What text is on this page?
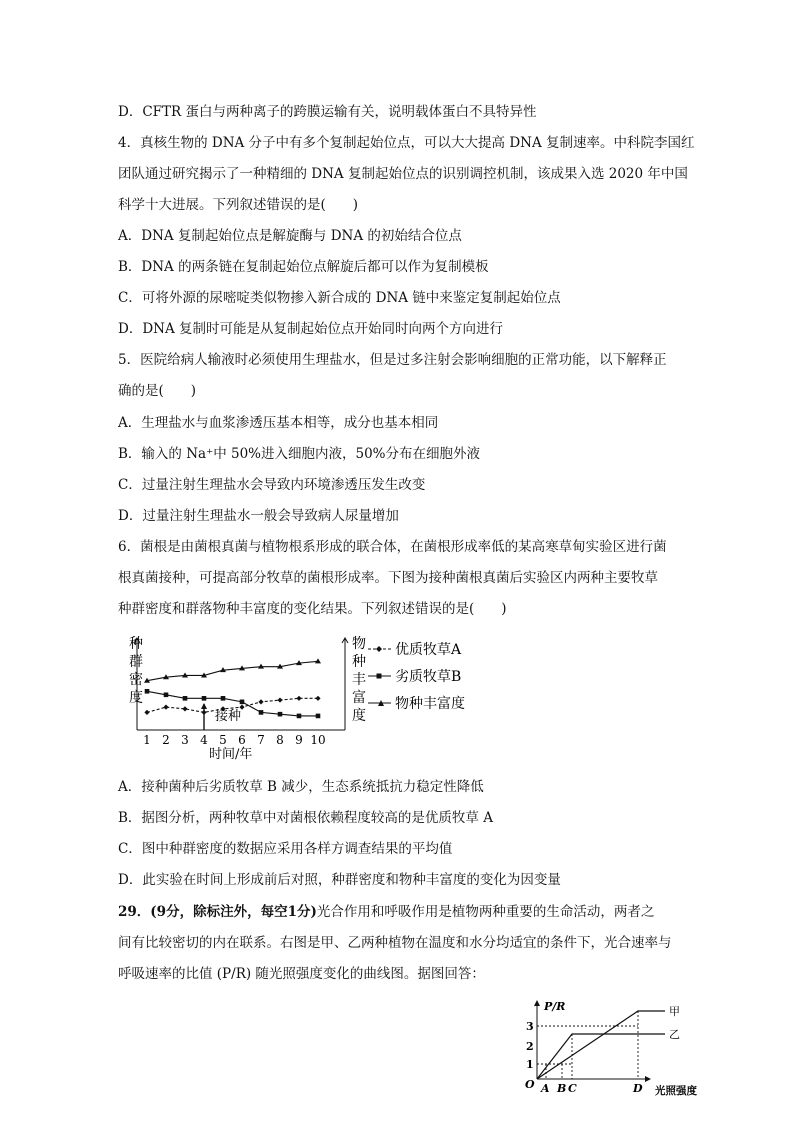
D．CFTR 蛋白与两种离子的跨膜运输有关，说明载体蛋白不具特异性
4．真核生物的 DNA 分子中有多个复制起始位点，可以大大提高 DNA 复制速率。中科院李国红
团队通过研究揭示了一种精细的 DNA 复制起始位点的识别调控机制，该成果入选 2020 年中国
科学十大进展。下列叙述错误的是(　　)
A．DNA 复制起始位点是解旋酶与 DNA 的初始结合位点
B．DNA 的两条链在复制起始位点解旋后都可以作为复制模板
C．可将外源的尿嘧啶类似物掺入新合成的 DNA 链中来鉴定复制起始位点
D．DNA 复制时可能是从复制起始位点开始同时向两个方向进行
5．医院给病人输液时必须使用生理盐水，但是过多注射会影响细胞的正常功能，以下解释正
确的是(　　)
A．生理盐水与血浆渗透压基本相等，成分也基本相同
B．输入的 Na⁺中 50%进入细胞内液，50%分布在细胞外液
C．过量注射生理盐水会导致内环境渗透压发生改变
D．过量注射生理盐水一般会导致病人尿量增加
6．菌根是由菌根真菌与植物根系形成的联合体，在菌根形成率低的某高寒草甸实验区进行菌
根真菌接种，可提高部分牧草的菌根形成率。下图为接种菌根真菌后实验区内两种主要牧草
种群密度和群落物种丰富度的变化结果。下列叙述错误的是(　　)
1 2 3 4 5 6 7 8 9 10
种
群
密
度
物
种
丰
富
度
时间/年
接种
优质牧草A
劣质牧草B
物种丰富度
A．接种菌种后劣质牧草 B 减少，生态系统抵抗力稳定性降低
B．据图分析，两种牧草中对菌根依赖程度较高的是优质牧草 A
C．图中种群密度的数据应采用各样方调查结果的平均值
D．此实验在时间上形成前后对照，种群密度和物种丰富度的变化为因变量
29．(9分，除标注外，每空1分)光合作用和呼吸作用是植物两种重要的生命活动，两者之
间有比较密切的内在联系。右图是甲、乙两种植物在温度和水分均适宜的条件下，光合速率与
呼吸速率的比值 (P/R) 随光照强度变化的曲线图。据图回答：
P/R
O
1
2
3
甲
乙
A B C	D 光照强度
